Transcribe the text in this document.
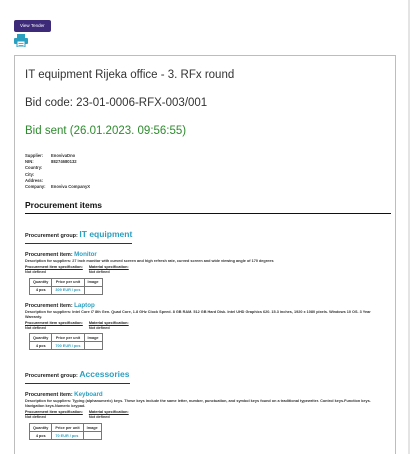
View Tender
IT equipment Rijeka office - 3. RFx round
Bid code: 23-01-0006-RFX-003/001
Bid sent (26.01.2023. 09:56:55)
Supplier:	EnovivaDno
NIN:	88274680132
Country:
City:
Address:
Company:	Enoviva CompanyX
Procurement items
Procurement group: IT equipment
Procurement item: Monitor
Description for suppliers: 27 inch monitor with curved screen and high refresh rate, curved screen and wide viewing angle of 170 degrees
Procurement item specification:
Not defined
Material specification:
Not defined
Quantity	Price per unit	Image
4 pcs	309 EUR / pcs	
Procurement item: Laptop
Description for suppliers: Intel Core i7 8th Gen. Quad Core, 1.8 GHz Clock Speed. 8 GB RAM. 512 GB Hard Disk. Intel UHD Graphics 620. 15.3 inches, 1920 x 1080 pixels. Windows 10 OS. 3 Year Warranty.
Procurement item specification:
Not defined
Material specification:
Not defined
Quantity	Price per unit	Image
4 pcs	700 EUR / pcs	
Procurement group: Accessories
Procurement item: Keyboard
Description for suppliers: Typing (alphanumeric) keys. These keys include the same letter, number, punctuation, and symbol keys found on a traditional typewriter. Control keys.Function keys. Navigation keys.Numeric keypad.
Procurement item specification:
Not defined
Material specification:
Not defined
Quantity	Price per unit	Image
4 pcs	70 EUR / pcs	
